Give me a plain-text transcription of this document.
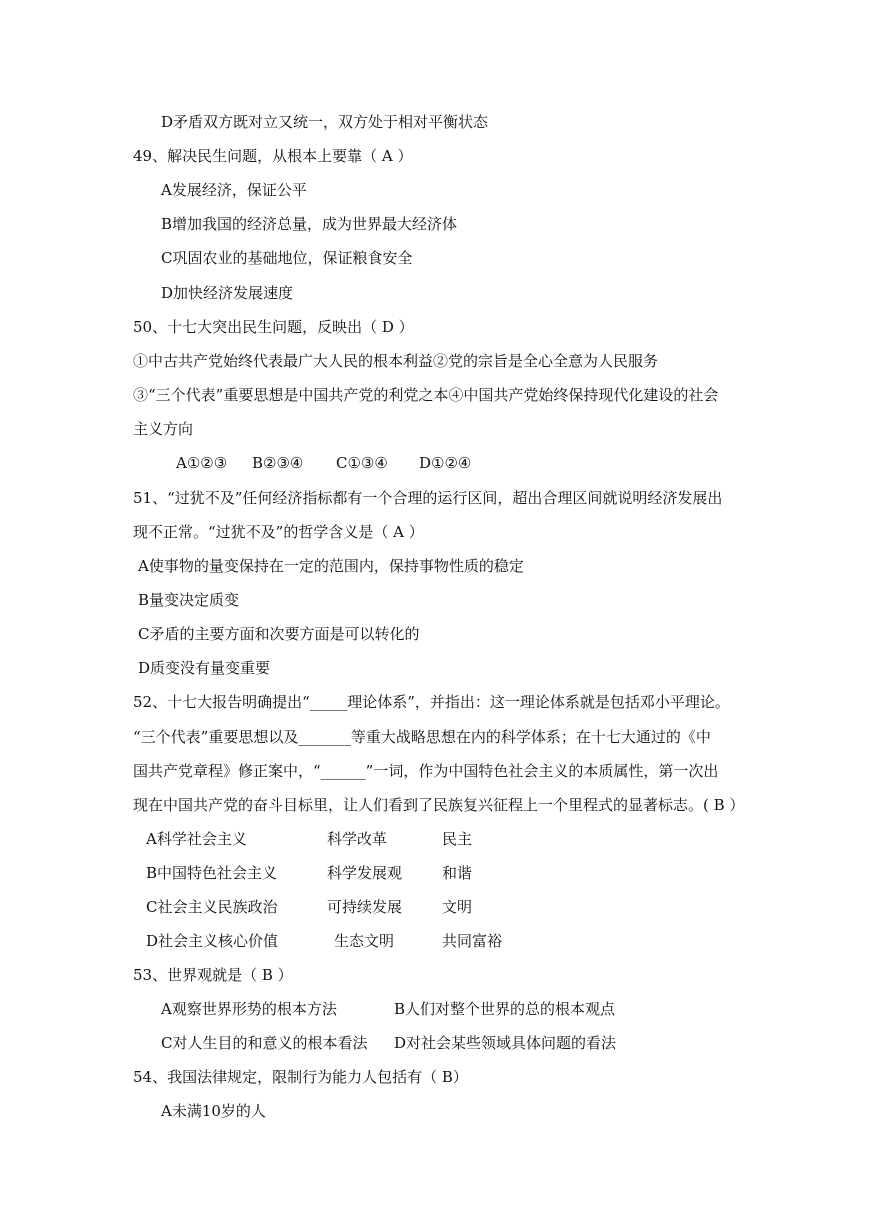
D矛盾双方既对立又统一，双方处于相对平衡状态
49、解决民生问题，从根本上要靠（ A ）
A发展经济，保证公平
B增加我国的经济总量，成为世界最大经济体
C巩固农业的基础地位，保证粮食安全
D加快经济发展速度
50、十七大突出民生问题，反映出（ D ）
①中古共产党始终代表最广大人民的根本利益②党的宗旨是全心全意为人民服务
③“三个代表”重要思想是中国共产党的利党之本④中国共产党始终保持现代化建设的社会
主义方向
A①②③ B②③④ C①③④ D①②④
51、“过犹不及”任何经济指标都有一个合理的运行区间，超出合理区间就说明经济发展出
现不正常。“过犹不及”的哲学含义是（ A ）
A使事物的量变保持在一定的范围内，保持事物性质的稳定
B量变决定质变
C矛盾的主要方面和次要方面是可以转化的
D质变没有量变重要
52、十七大报告明确提出“_____理论体系”，并指出：这一理论体系就是包括邓小平理论。
“三个代表”重要思想以及_______等重大战略思想在内的科学体系；在十七大通过的《中
国共产党章程》修正案中，“______”一词，作为中国特色社会主义的本质属性，第一次出
现在中国共产党的奋斗目标里，让人们看到了民族复兴征程上一个里程式的显著标志。( B ）
A科学社会主义	科学改革	民主
B中国特色社会主义	科学发展观	和谐
C社会主义民族政治	可持续发展	文明
D社会主义核心价值	生态文明	共同富裕
53、世界观就是（ B ）
A观察世界形势的根本方法	B人们对整个世界的总的根本观点
C对人生目的和意义的根本看法 D对社会某些领域具体问题的看法
54、我国法律规定，限制行为能力人包括有（ B）
A未满10岁的人
